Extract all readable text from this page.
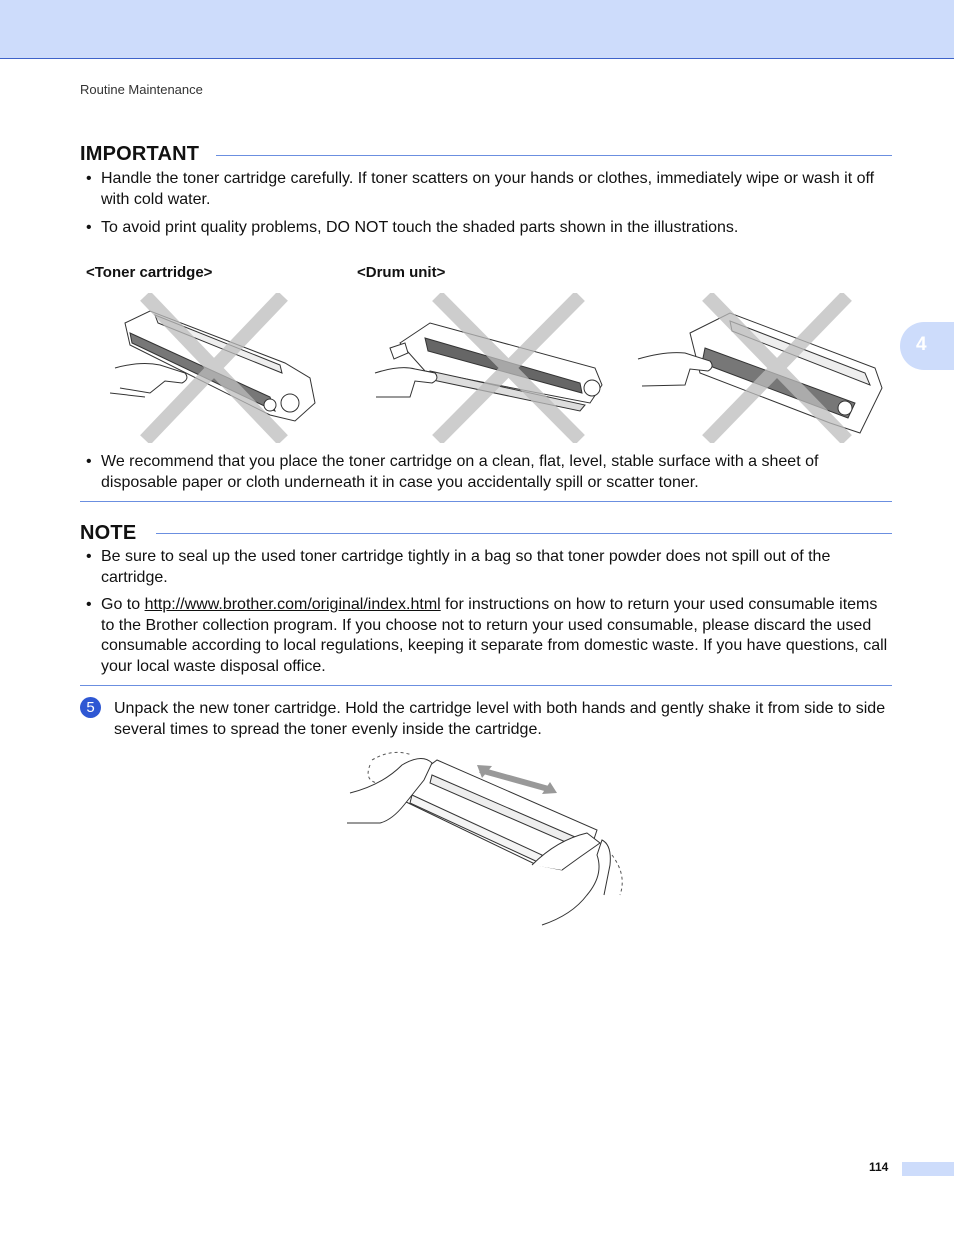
Routine Maintenance
4
IMPORTANT
• Handle the toner cartridge carefully. If toner scatters on your hands or clothes, immediately wipe or wash it off with cold water.
• To avoid print quality problems, DO NOT touch the shaded parts shown in the illustrations.
<Toner cartridge>	<Drum unit>
• We recommend that you place the toner cartridge on a clean, flat, level, stable surface with a sheet of disposable paper or cloth underneath it in case you accidentally spill or scatter toner.
NOTE
• Be sure to seal up the used toner cartridge tightly in a bag so that toner powder does not spill out of the cartridge.
• Go to http://www.brother.com/original/index.html for instructions on how to return your used consumable items to the Brother collection program. If you choose not to return your used consumable, please discard the used consumable according to local regulations, keeping it separate from domestic waste. If you have questions, call your local waste disposal office.
5	Unpack the new toner cartridge. Hold the cartridge level with both hands and gently shake it from side to side several times to spread the toner evenly inside the cartridge.
114
